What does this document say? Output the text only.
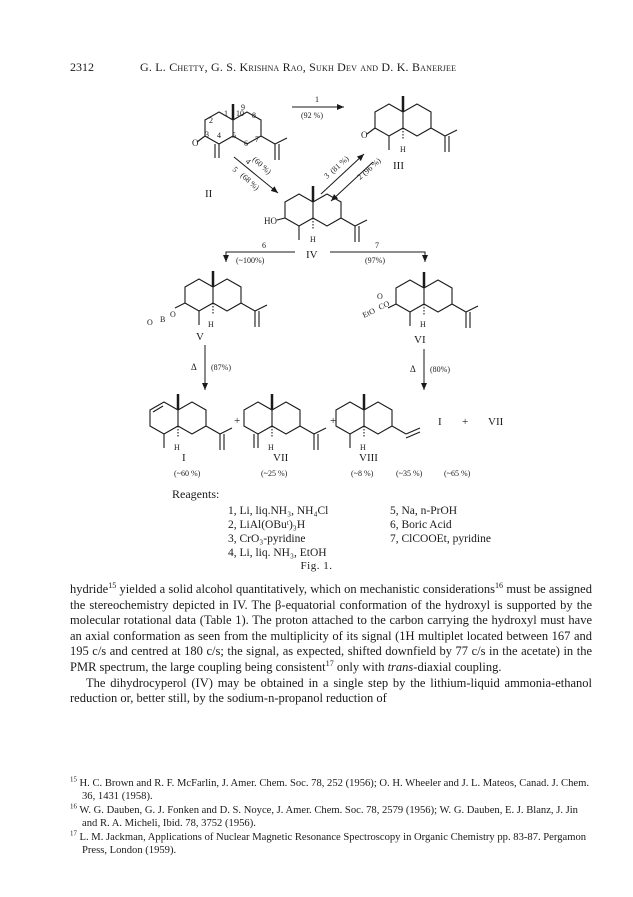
2312	G. L. Chetty, G. S. Krishna Rao, Sukh Dev and D. K. Banerjee
O
2
1 10
9
8
3 4 5
6 7
II
1
(92 %)
O
H
III
4
(60 %)
5
(68 %)	3
(81 %)
2
(96 %)
HO
H
IV
6
(~100%)
7
(97%)
O
B
O	H
V
O
EtO
CO
H
VI
Δ (87%)	Δ (80%)
H
+
H
+
H
I + VII
I	VII	VIII
(~60 %)	(~25 %)	(~8 %)	(~35 %)	(~65 %)
Reagents:
1, Li, liq.NH₃, NH₄Cl
2, LiAl(OBuᵗ)₃H
3, CrO₃-pyridine
4, Li, liq. NH₃, EtOH
5, Na, n-PrOH
6, Boric Acid
7, ClCOOEt, pyridine
Fig. 1.

hydride$^{15}$ yielded a solid alcohol quantitatively, which on mechanistic considerations$^{16}$ must be assigned the stereochemistry depicted in IV. The β-equatorial conformation of the hydroxyl is supported by the molecular rotational data (Table 1). The proton attached to the carbon carrying the hydroxyl must have an axial conformation as seen from the multiplicity of its signal (1H multiplet located between 167 and 195 c/s and centred at 180 c/s; the signal, as expected, shifted downfield by 77 c/s in the acetate) in the PMR spectrum, the large coupling being consistent$^{17}$ only with trans-diaxial coupling.

The dihydrocyperol (IV) may be obtained in a single step by the lithium-liquid ammonia-ethanol reduction or, better still, by the sodium-n-propanol reduction of

$^{15}$ H. C. Brown and R. F. McFarlin, J. Amer. Chem. Soc. 78, 252 (1956); O. H. Wheeler and J. L. Mateos, Canad. J. Chem. 36, 1431 (1958).

$^{16}$ W. G. Dauben, G. J. Fonken and D. S. Noyce, J. Amer. Chem. Soc. 78, 2579 (1956); W. G. Dauben, E. J. Blanz, J. Jin and R. A. Micheli, Ibid. 78, 3752 (1956).

$^{17}$ L. M. Jackman, Applications of Nuclear Magnetic Resonance Spectroscopy in Organic Chemistry pp. 83-87. Pergamon Press, London (1959).
